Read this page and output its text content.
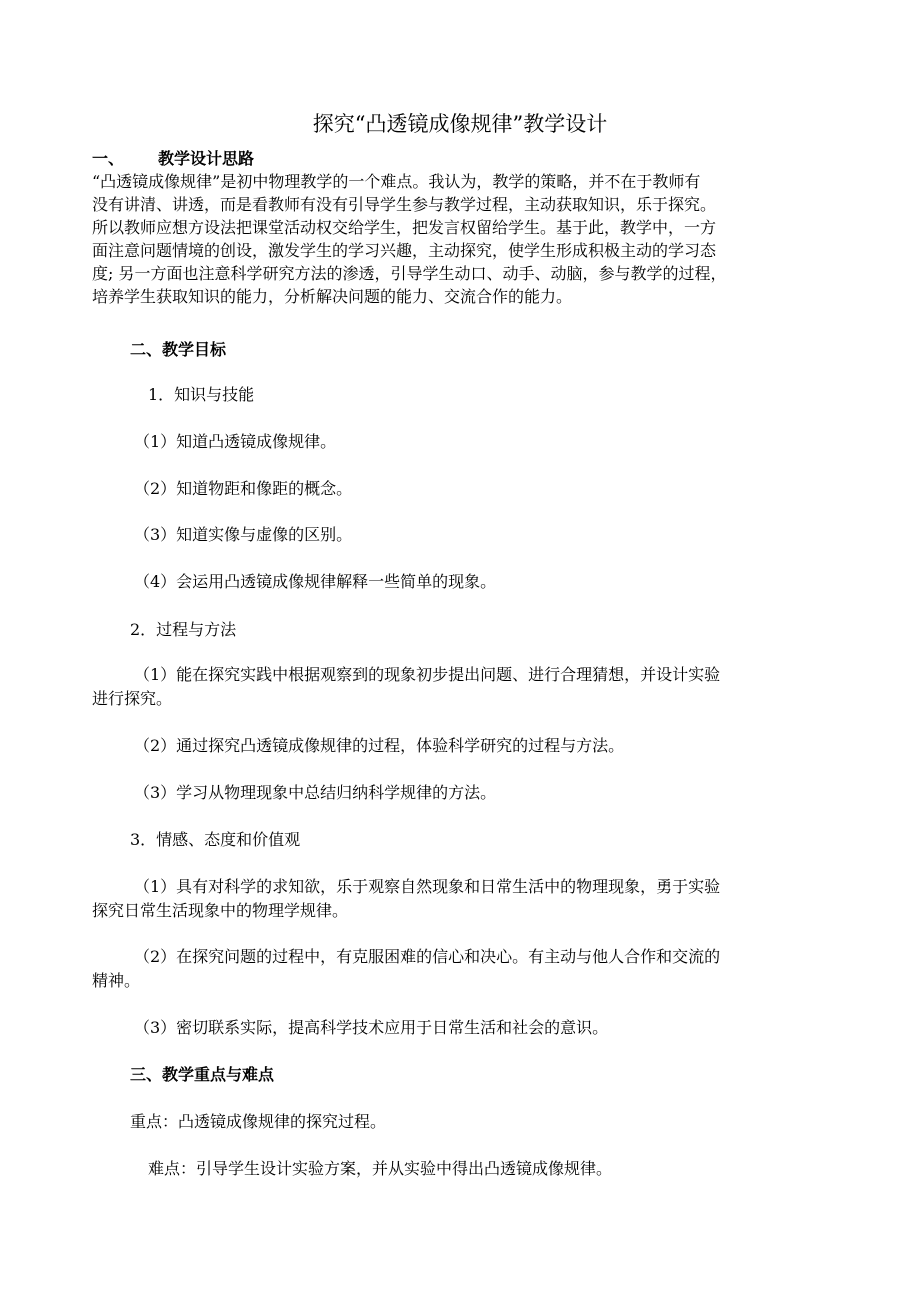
探究“凸透镜成像规律”教学设计
一、 教学设计思路
“凸透镜成像规律”是初中物理教学的一个难点。我认为，教学的策略，并不在于教师有
没有讲清、讲透，而是看教师有没有引导学生参与教学过程，主动获取知识，乐于探究。
所以教师应想方设法把课堂活动权交给学生，把发言权留给学生。基于此，教学中，一方
面注意问题情境的创设，激发学生的学习兴趣，主动探究，使学生形成积极主动的学习态
度; 另一方面也注意科学研究方法的渗透，引导学生动口、动手、动脑，参与教学的过程，
培养学生获取知识的能力，分析解决问题的能力、交流合作的能力。
二、教学目标
1．知识与技能
（1）知道凸透镜成像规律。
（2）知道物距和像距的概念。
（3）知道实像与虚像的区别。
（4）会运用凸透镜成像规律解释一些简单的现象。
2．过程与方法
（1）能在探究实践中根据观察到的现象初步提出问题、进行合理猜想，并设计实验
进行探究。
（2）通过探究凸透镜成像规律的过程，体验科学研究的过程与方法。
（3）学习从物理现象中总结归纳科学规律的方法。
3．情感、态度和价值观
（1）具有对科学的求知欲，乐于观察自然现象和日常生活中的物理现象，勇于实验
探究日常生活现象中的物理学规律。
（2）在探究问题的过程中，有克服困难的信心和决心。有主动与他人合作和交流的
精神。
（3）密切联系实际，提高科学技术应用于日常生活和社会的意识。
三、教学重点与难点
重点：凸透镜成像规律的探究过程。
难点：引导学生设计实验方案，并从实验中得出凸透镜成像规律。
